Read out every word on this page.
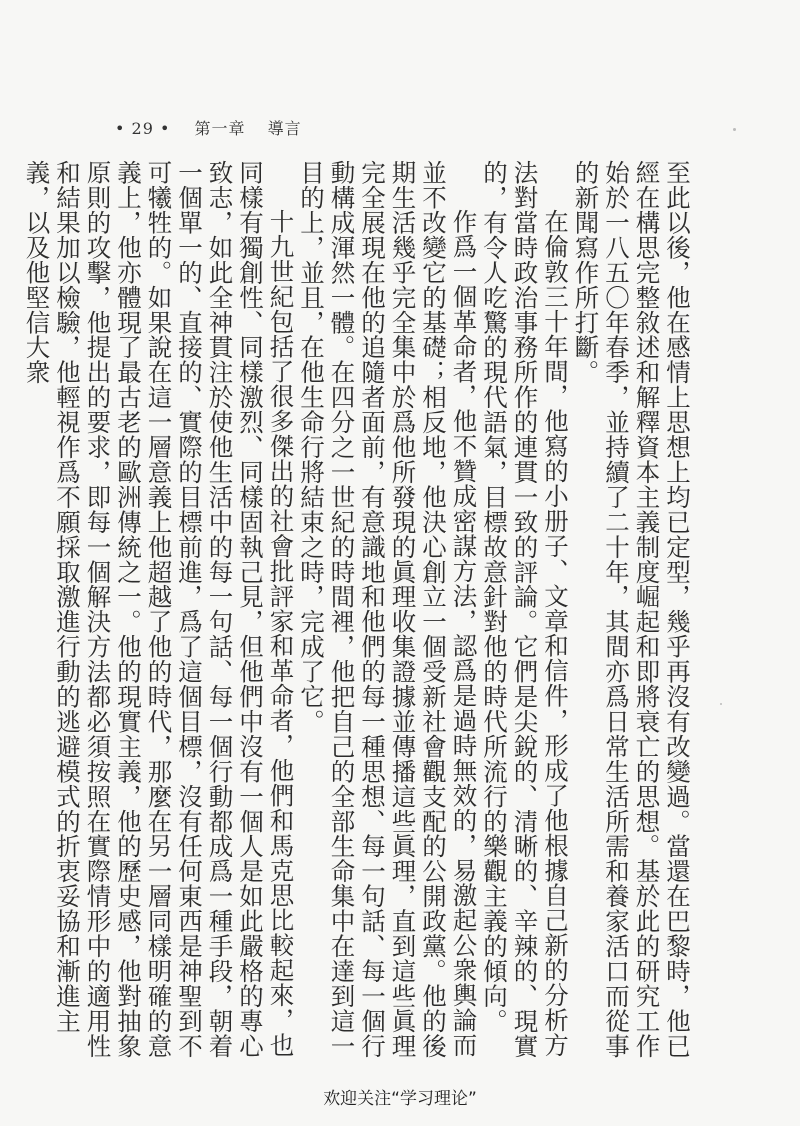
• 29 • 第一章 導言

至此以後，他在感情上思想上均已定型，幾乎再沒有改變過。當還在巴黎時，他已經在構思完整敘述和解釋資本主義制度崛起和即將衰亡的思想。基於此的研究工作始於一八五〇年春季，並持續了二十年，其間亦爲日常生活所需和養家活口而從事的新聞寫作所打斷。

在倫敦三十年間，他寫的小册子、文章和信件，形成了他根據自己新的分析方法對當時政治事務所作的連貫一致的評論。它們是尖銳的、清晰的、辛辣的、現實的，有令人吃驚的現代語氣，目標故意針對他的時代所流行的樂觀主義的傾向。

作爲一個革命者，他不贊成密謀方法，認爲是過時無效的，易激起公衆輿論而並不改變它的基礎；相反地，他決心創立一個受新社會觀支配的公開政黨。他的後期生活幾乎完全集中於爲他所發現的眞理收集證據並傳播這些眞理，直到這些眞理完全展現在他的追隨者面前，有意識地和他們的每一種思想、每一句話、每一個行動構成渾然一體。在四分之一世紀的時間裡，他把自己的全部生命集中在達到這一目的上，並且，在他生命行將結束之時，完成了它。

十九世紀包括了很多傑出的社會批評家和革命者，他們和馬克思比較起來，也同樣有獨創性、同樣激烈、同樣固執己見，但他們中沒有一個人是如此嚴格的專心致志，如此全神貫注於使他生活中的每一句話、每一個行動都成爲一種手段，朝着一個單一的、直接的、實際的目標前進，爲了這個目標，沒有任何東西是神聖到不可犧牲的。如果說在這一層意義上他超越了他的時代，那麼在另一層同樣明確的意義上，他亦體現了最古老的歐洲傳統之一。他的現實主義，他的歷史感，他對抽象原則的攻擊，他提出的要求，即每一個解決方法都必須按照在實際情形中的適用性和結果加以檢驗，他輕視作爲不願採取激進行動的逃避模式的折衷妥協和漸進主義，以及他堅信大衆

欢迎关注“学习理论”
